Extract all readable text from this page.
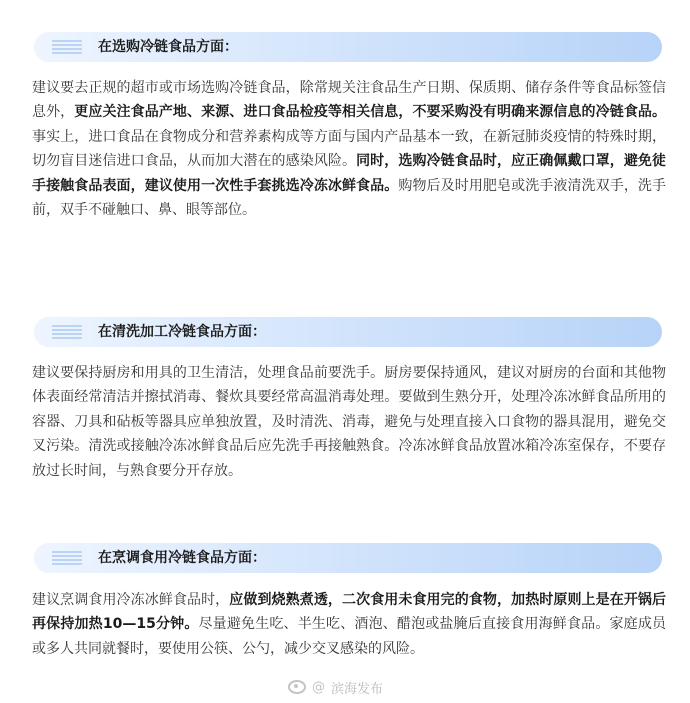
在选购冷链食品方面：

建议要去正规的超市或市场选购冷链食品，除常规关注食品生产日期、保质期、储存条件等食品标签信息外，更应关注食品产地、来源、进口食品检疫等相关信息，不要采购没有明确来源信息的冷链食品。事实上，进口食品在食物成分和营养素构成等方面与国内产品基本一致，在新冠肺炎疫情的特殊时期，切勿盲目迷信进口食品，从而加大潜在的感染风险。同时，选购冷链食品时，应正确佩戴口罩，避免徒手接触食品表面，建议使用一次性手套挑选冷冻冰鲜食品。购物后及时用肥皂或洗手液清洗双手，洗手前，双手不碰触口、鼻、眼等部位。

在清洗加工冷链食品方面：

建议要保持厨房和用具的卫生清洁，处理食品前要洗手。厨房要保持通风，建议对厨房的台面和其他物体表面经常清洁并擦拭消毒、餐炊具要经常高温消毒处理。要做到生熟分开，处理冷冻冰鲜食品所用的容器、刀具和砧板等器具应单独放置，及时清洗、消毒，避免与处理直接入口食物的器具混用，避免交叉污染。清洗或接触冷冻冰鲜食品后应先洗手再接触熟食。冷冻冰鲜食品放置冰箱冷冻室保存，不要存放过长时间，与熟食要分开存放。

在烹调食用冷链食品方面：

建议烹调食用冷冻冰鲜食品时，应做到烧熟煮透，二次食用未食用完的食物，加热时原则上是在开锅后再保持加热10—15分钟。尽量避免生吃、半生吃、酒泡、醋泡或盐腌后直接食用海鲜食品。家庭成员或多人共同就餐时，要使用公筷、公勺，减少交叉感染的风险。

@ 滨海发布
